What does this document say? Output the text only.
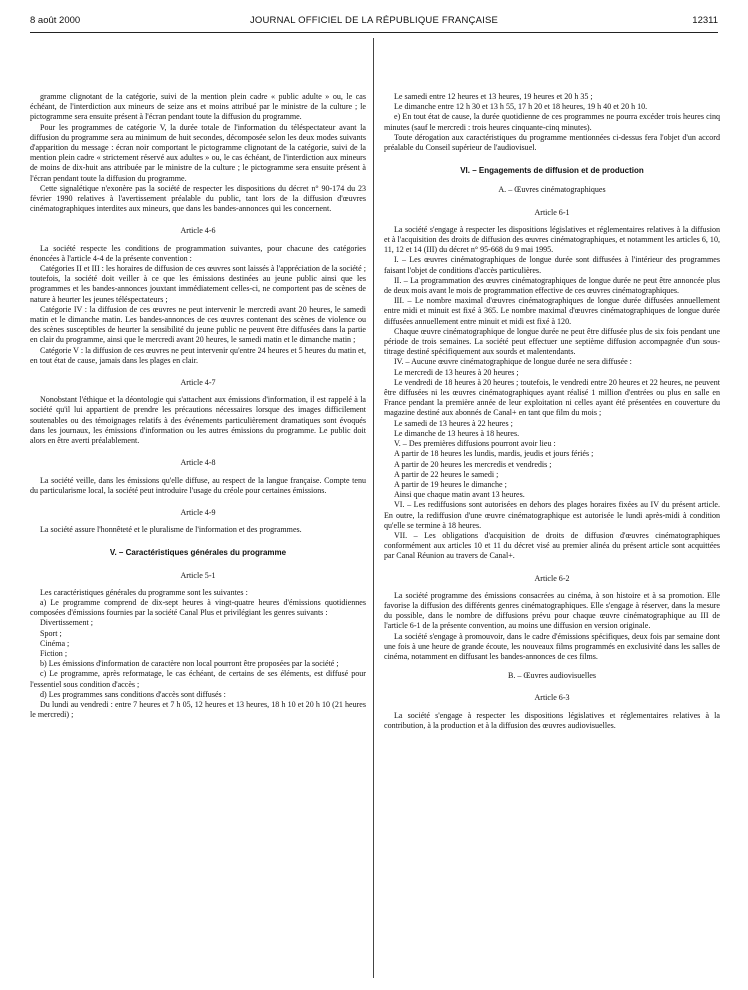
8 août 2000	JOURNAL OFFICIEL DE LA RÉPUBLIQUE FRANÇAISE	12311

gramme clignotant de la catégorie, suivi de la mention plein cadre « public adulte » ou, le cas échéant, de l'interdiction aux mineurs de seize ans et moins attribué par le ministre de la culture ; le pictogramme sera ensuite présent à l'écran pendant toute la diffusion du programme.

Pour les programmes de catégorie V, la durée totale de l'information du téléspectateur avant la diffusion du programme sera au minimum de huit secondes, décomposée selon les deux modes suivants d'apparition du message : écran noir comportant le pictogramme clignotant de la catégorie, suivi de la mention plein cadre « strictement réservé aux adultes » ou, le cas échéant, de l'interdiction aux mineurs de moins de dix-huit ans attribuée par le ministre de la culture ; le pictogramme sera ensuite présent à l'écran pendant toute la diffusion du programme.

Cette signalétique n'exonère pas la société de respecter les dispositions du décret n° 90-174 du 23 février 1990 relatives à l'avertissement préalable du public, tant lors de la diffusion d'œuvres cinématographiques interdites aux mineurs, que dans les bandes-annonces qui les concernent.

Article 4-6

La société respecte les conditions de programmation suivantes, pour chacune des catégories énoncées à l'article 4-4 de la présente convention :

Catégories II et III : les horaires de diffusion de ces œuvres sont laissés à l'appréciation de la société ; toutefois, la société doit veiller à ce que les émissions destinées au jeune public ainsi que les programmes et les bandes-annonces jouxtant immédiatement celles-ci, ne comportent pas de scènes de nature à heurter les jeunes téléspectateurs ;

Catégorie IV : la diffusion de ces œuvres ne peut intervenir le mercredi avant 20 heures, le samedi matin et le dimanche matin. Les bandes-annonces de ces œuvres contenant des scènes de violence ou des scènes susceptibles de heurter la sensibilité du jeune public ne peuvent être diffusées dans la partie en clair du programme, ainsi que le mercredi avant 20 heures, le samedi matin et le dimanche matin ;

Catégorie V : la diffusion de ces œuvres ne peut intervenir qu'entre 24 heures et 5 heures du matin et, en tout état de cause, jamais dans les plages en clair.

Article 4-7

Nonobstant l'éthique et la déontologie qui s'attachent aux émissions d'information, il est rappelé à la société qu'il lui appartient de prendre les précautions nécessaires lorsque des images difficilement soutenables ou des témoignages relatifs à des événements particulièrement dramatiques sont évoqués dans les journaux, les émissions d'information ou les autres émissions du programme. Le public doit alors en être averti préalablement.

Article 4-8

La société veille, dans les émissions qu'elle diffuse, au respect de la langue française. Compte tenu du particularisme local, la société peut introduire l'usage du créole pour certaines émissions.

Article 4-9

La société assure l'honnêteté et le pluralisme de l'information et des programmes.

V. – Caractéristiques générales du programme
Article 5-1

Les caractéristiques générales du programme sont les suivantes :

a) Le programme comprend de dix-sept heures à vingt-quatre heures d'émissions quotidiennes composées d'émissions fournies par la société Canal Plus et privilégiant les genres suivants :

Divertissement ;

Sport ;

Cinéma ;

Fiction ;

b) Les émissions d'information de caractère non local pourront être proposées par la société ;

c) Le programme, après reformatage, le cas échéant, de certains de ses éléments, est diffusé pour l'essentiel sous condition d'accès ;

d) Les programmes sans conditions d'accès sont diffusés :

Du lundi au vendredi : entre 7 heures et 7 h 05, 12 heures et 13 heures, 18 h 10 et 20 h 10 (21 heures le mercredi) ;

Le samedi entre 12 heures et 13 heures, 19 heures et 20 h 35 ;

Le dimanche entre 12 h 30 et 13 h 55, 17 h 20 et 18 heures, 19 h 40 et 20 h 10.

e) En tout état de cause, la durée quotidienne de ces programmes ne pourra excéder trois heures cinq minutes (sauf le mercredi : trois heures cinquante-cinq minutes).

Toute dérogation aux caractéristiques du programme mentionnées ci-dessus fera l'objet d'un accord préalable du Conseil supérieur de l'audiovisuel.

VI. – Engagements de diffusion et de production
A. – Œuvres cinématographiques
Article 6-1

La société s'engage à respecter les dispositions législatives et réglementaires relatives à la diffusion et à l'acquisition des droits de diffusion des œuvres cinématographiques, et notamment les articles 6, 10, 11, 12 et 14 (III) du décret n° 95-668 du 9 mai 1995.

I. – Les œuvres cinématographiques de longue durée sont diffusées à l'intérieur des programmes faisant l'objet de conditions d'accès particulières.

II. – La programmation des œuvres cinématographiques de longue durée ne peut être annoncée plus de deux mois avant le mois de programmation effective de ces œuvres cinématographiques.

III. – Le nombre maximal d'œuvres cinématographiques de longue durée diffusées annuellement entre midi et minuit est fixé à 365. Le nombre maximal d'œuvres cinématographiques de longue durée diffusées annuellement entre minuit et midi est fixé à 120.

Chaque œuvre cinématographique de longue durée ne peut être diffusée plus de six fois pendant une période de trois semaines. La société peut effectuer une septième diffusion accompagnée d'un sous-titrage destiné spécifiquement aux sourds et malentendants.

IV. – Aucune œuvre cinématographique de longue durée ne sera diffusée :

Le mercredi de 13 heures à 20 heures ;

Le vendredi de 18 heures à 20 heures ; toutefois, le vendredi entre 20 heures et 22 heures, ne peuvent être diffusées ni les œuvres cinématographiques ayant réalisé 1 million d'entrées ou plus en salle en France pendant la première année de leur exploitation ni celles ayant été présentées en couverture du magazine destiné aux abonnés de Canal+ en tant que film du mois ;

Le samedi de 13 heures à 22 heures ;

Le dimanche de 13 heures à 18 heures.

V. – Des premières diffusions pourront avoir lieu :

A partir de 18 heures les lundis, mardis, jeudis et jours fériés ;

A partir de 20 heures les mercredis et vendredis ;

A partir de 22 heures le samedi ;

A partir de 19 heures le dimanche ;

Ainsi que chaque matin avant 13 heures.

VI. – Les rediffusions sont autorisées en dehors des plages horaires fixées au IV du présent article. En outre, la rediffusion d'une œuvre cinématographique est autorisée le lundi après-midi à condition qu'elle se termine à 18 heures.

VII. – Les obligations d'acquisition de droits de diffusion d'œuvres cinématographiques conformément aux articles 10 et 11 du décret visé au premier alinéa du présent article sont acquittées par Canal Réunion au travers de Canal+.

Article 6-2

La société programme des émissions consacrées au cinéma, à son histoire et à sa promotion. Elle favorise la diffusion des différents genres cinématographiques. Elle s'engage à réserver, dans la mesure du possible, dans le nombre de diffusions prévu pour chaque œuvre cinématographique au III de l'article 6-1 de la présente convention, au moins une diffusion en version originale.

La société s'engage à promouvoir, dans le cadre d'émissions spécifiques, deux fois par semaine dont une fois à une heure de grande écoute, les nouveaux films programmés en exclusivité dans les salles de cinéma, notamment en diffusant les bandes-annonces de ces films.

B. – Œuvres audiovisuelles
Article 6-3

La société s'engage à respecter les dispositions législatives et réglementaires relatives à la contribution, à la production et à la diffusion des œuvres audiovisuelles.
